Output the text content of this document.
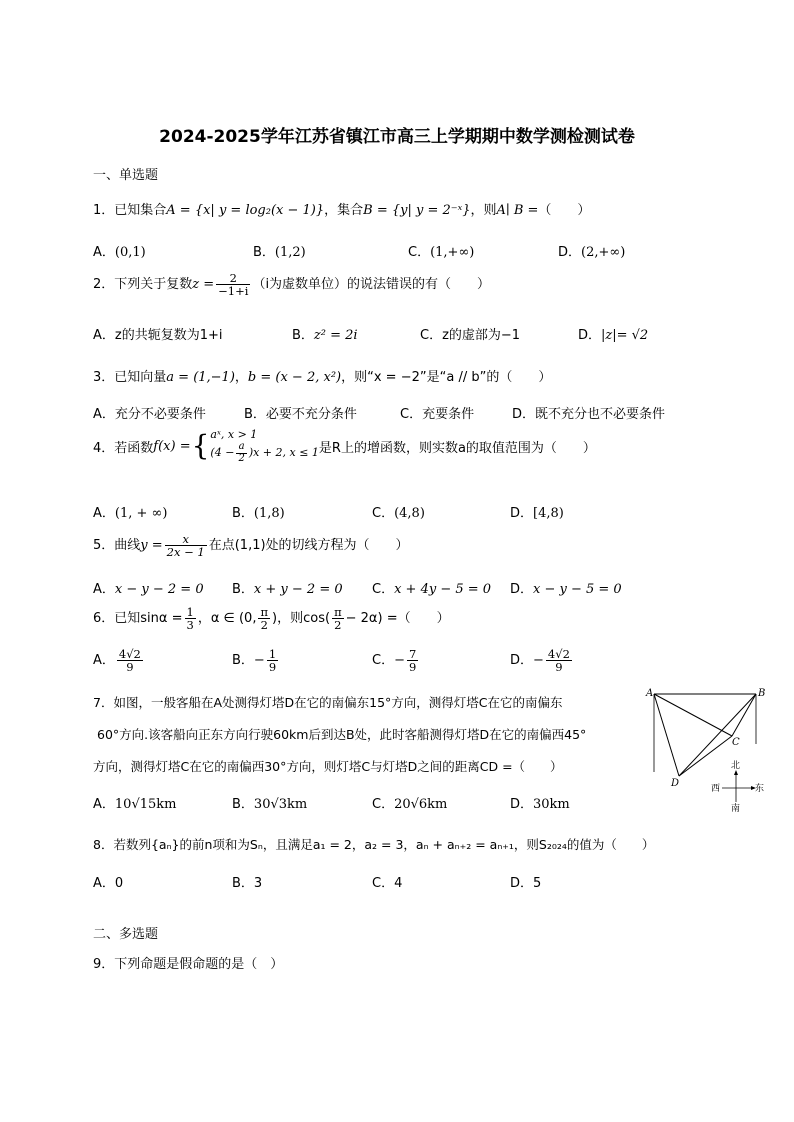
2024-2025学年江苏省镇江市高三上学期期中数学测检测试卷
一、单选题
1．已知集合A = {x| y = log₂(x − 1)}，集合B = {y| y = 2⁻ˣ}，则A∣ B =（　　）
A．(0,1)	B．(1,2)	C．(1,+∞)	D．(2,+∞)
2．下列关于复数$z = \frac{2}{-1+i} (i$为虚数单位）的说法错误的有（　　）
A．z的共轭复数为1+i	B．z² = 2i	C．z的虚部为−1	D．|z|= √2
3．已知向量a = (1,−1)，b = (x − 2, x²)，则“x = −2”是“a // b”的（　　）
A．充分不必要条件	B．必要不充分条件	C．充要条件	D．既不充分也不必要条件
4．若函数 f(x) = { aˣ, x > 1
$(4 - \frac{a}{2} )x + 2$, x ≤ 1 是R上的增函数，则实数a的取值范围为（　　）
A．(1, + ∞)	B．(1,8)	C．(4,8)	D．[4,8)
5．曲线$y = \frac{x}{2x - 1}$ 在点(1,1)处的切线方程为（　　）
A．x − y − 2 = 0 B．x + y − 2 = 0 C．x + 4y − 5 = 0 D．x − y − 5 = 0
6．已知$\sin\alpha = \frac{1}{3}$ ，α ∈ (0, $\frac{\pi}{2}$ )，则$\cos( \frac{\pi}{2} - 2\alpha)$ =（　　）
A． $\frac{4√2}{9}$	B．− $\frac{1}{9}$	C．− $\frac{7}{9}$	D．− $\frac{4√2}{9}$
7．如图，一般客船在A处测得灯塔D在它的南偏东15°方向，测得灯塔C在它的南偏东
60°方向.该客船向正东方向行驶60km后到达B处，此时客船测得灯塔D在它的南偏西45°
方向，测得灯塔C在它的南偏西30°方向，则灯塔C与灯塔D之间的距离CD =（　　）
A．10√15km	B．30√3km	C．20√6km	D．30km
A	B
C
D
北
南
西	东
8．若数列{aₙ}的前n项和为Sₙ，且满足a₁ = 2，a₂ = 3，aₙ + aₙ₊₂ = aₙ₊₁，则S₂₀₂₄的值为（　　）
A．0	B．3	C．4	D．5
二、多选题
9．下列命题是假命题的是（　）
